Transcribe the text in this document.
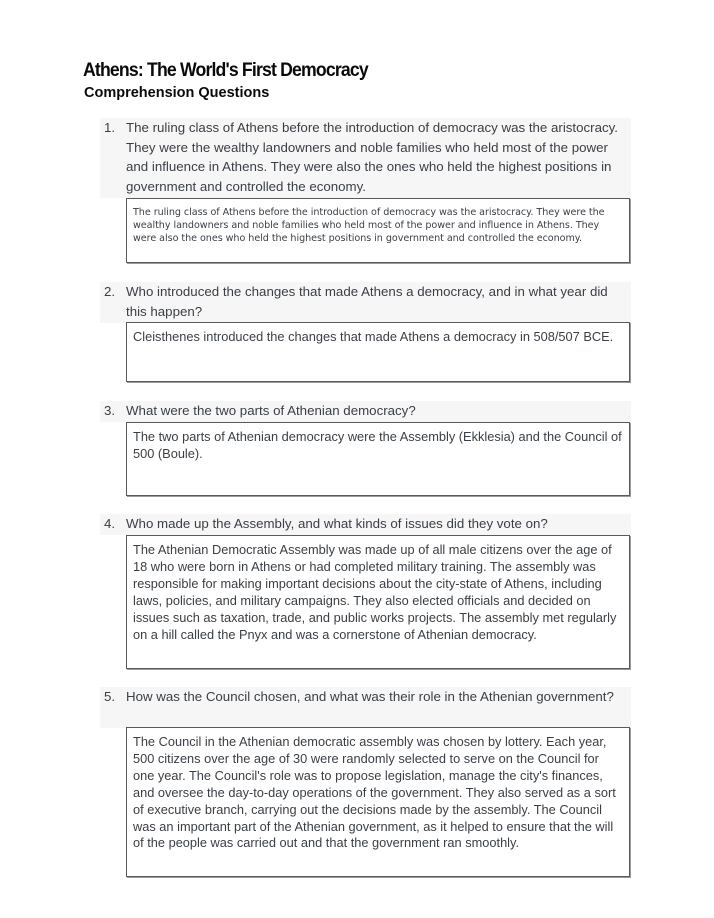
Athens: The World's First Democracy
Comprehension Questions
1. The ruling class of Athens before the introduction of democracy was the aristocracy. They were the wealthy landowners and noble families who held most of the power and influence in Athens. They were also the ones who held the highest positions in government and controlled the economy.
The ruling class of Athens before the introduction of democracy was the aristocracy. They were the wealthy landowners and noble families who held most of the power and influence in Athens. They were also the ones who held the highest positions in government and controlled the economy.
2. Who introduced the changes that made Athens a democracy, and in what year did this happen?
Cleisthenes introduced the changes that made Athens a democracy in 508/507 BCE.
3. What were the two parts of Athenian democracy?
The two parts of Athenian democracy were the Assembly (Ekklesia) and the Council of 500 (Boule).
4. Who made up the Assembly, and what kinds of issues did they vote on?
The Athenian Democratic Assembly was made up of all male citizens over the age of 18 who were born in Athens or had completed military training. The assembly was responsible for making important decisions about the city-state of Athens, including laws, policies, and military campaigns. They also elected officials and decided on issues such as taxation, trade, and public works projects. The assembly met regularly on a hill called the Pnyx and was a cornerstone of Athenian democracy.
5. How was the Council chosen, and what was their role in the Athenian government?
The Council in the Athenian democratic assembly was chosen by lottery. Each year, 500 citizens over the age of 30 were randomly selected to serve on the Council for one year. The Council's role was to propose legislation, manage the city's finances, and oversee the day-to-day operations of the government. They also served as a sort of executive branch, carrying out the decisions made by the assembly. The Council was an important part of the Athenian government, as it helped to ensure that the will of the people was carried out and that the government ran smoothly.
